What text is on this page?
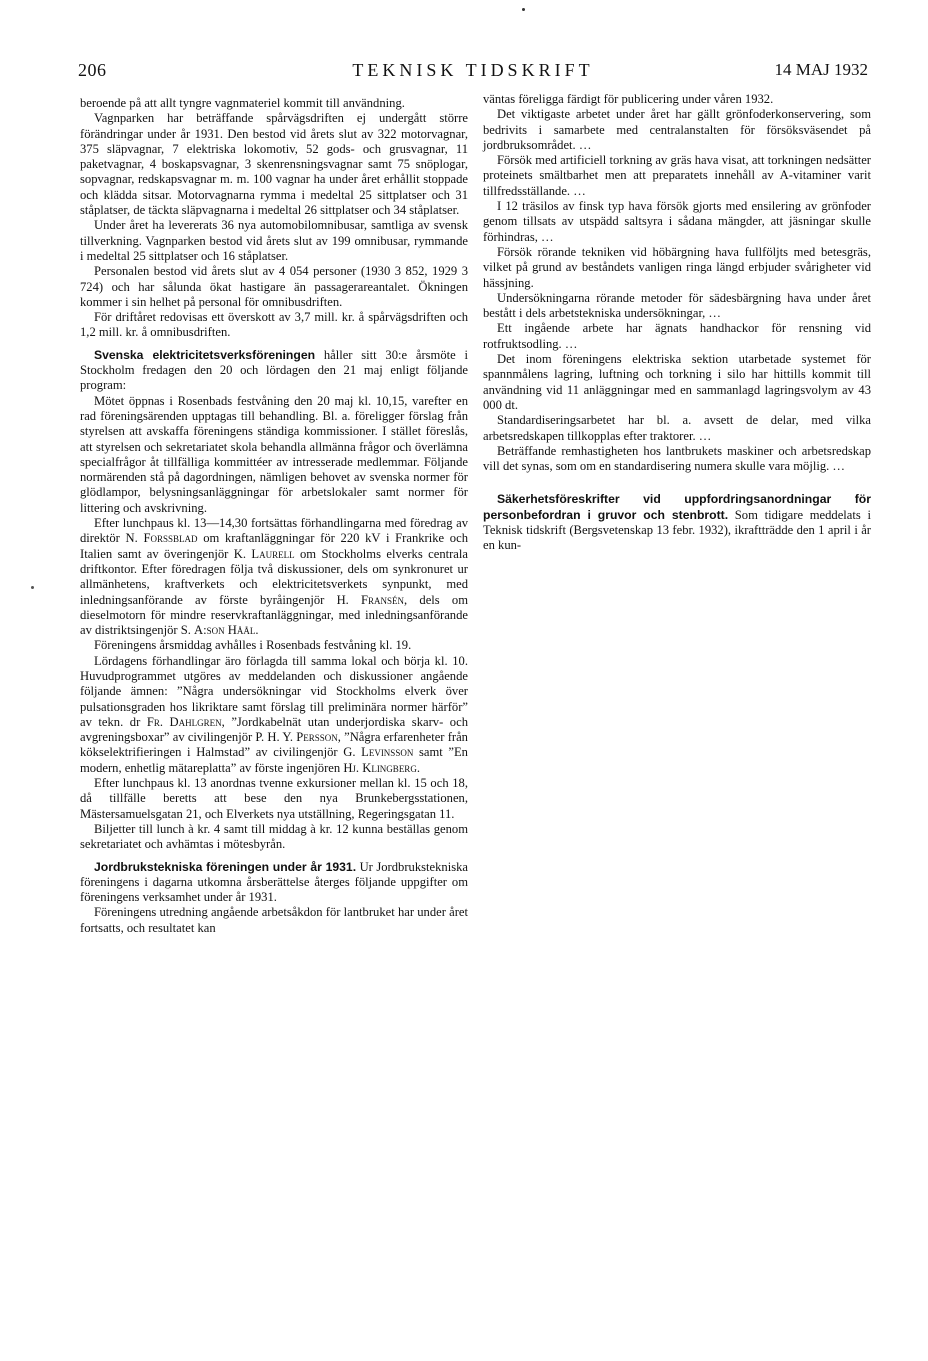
206	TEKNISK TIDSKRIFT	14 MAJ 1932

beroende på att allt tyngre vagnmateriel kommit till användning.

Vagnparken har beträffande spårvägsdriften ej undergått större förändringar under år 1931. Den bestod vid årets slut av 322 motorvagnar, 375 släpvagnar, 7 elektriska lokomotiv, 52 gods- och grusvagnar, 11 paketvagnar, 4 boskapsvagnar, 3 skenrensningsvagnar samt 75 snöplogar, sopvagnar, redskapsvagnar m. m. 100 vagnar ha under året erhållit stoppade och klädda sitsar. Motorvagnarna rymma i medeltal 25 sittplatser och 31 ståplatser, de täckta släpvagnarna i medeltal 26 sittplatser och 34 ståplatser.

Under året ha levererats 36 nya automobilomnibusar, samtliga av svensk tillverkning. Vagnparken bestod vid årets slut av 199 omnibusar, rymmande i medeltal 25 sittplatser och 16 ståplatser.

Personalen bestod vid årets slut av 4 054 personer (1930 3 852, 1929 3 724) och har sålunda ökat hastigare än passagerareantalet. Ökningen kommer i sin helhet på personal för omnibusdriften.

För driftåret redovisas ett överskott av 3,7 mill. kr. å spårvägsdriften och 1,2 mill. kr. å omnibusdriften.

Svenska elektricitetsverksföreningen håller sitt 30:e årsmöte i Stockholm fredagen den 20 och lördagen den 21 maj enligt följande program:

Mötet öppnas i Rosenbads festvåning den 20 maj kl. 10,15, varefter en rad föreningsärenden upptagas till behandling. Bl. a. föreligger förslag från styrelsen att avskaffa föreningens ständiga kommissioner. I stället föreslås, att styrelsen och sekretariatet skola behandla allmänna frågor och överlämna specialfrågor åt tillfälliga kommittéer av intresserade medlemmar. Följande normärenden stå på dagordningen, nämligen behovet av svenska normer för glödlampor, belysningsanläggningar för arbetslokaler samt normer för littering och avskrivning.

Efter lunchpaus kl. 13—14,30 fortsättas förhandlingarna med föredrag av direktör N. Forssblad om kraftanläggningar för 220 kV i Frankrike och Italien samt av överingenjör K. Laurell om Stockholms elverks centrala driftkontor. Efter föredragen följa två diskussioner, dels om synkronuret ur allmänhetens, kraftverkets och elektricitetsverkets synpunkt, med inledningsanförande av förste byråingenjör H. Fransén, dels om dieselmotorn för mindre reservkraftanläggningar, med inledningsanförande av distriktsingenjör S. A:son Håål.

Föreningens årsmiddag avhålles i Rosenbads festvåning kl. 19.

Lördagens förhandlingar äro förlagda till samma lokal och börja kl. 10. Huvudprogrammet utgöres av meddelanden och diskussioner angående följande ämnen: ”Några undersökningar vid Stockholms elverk över pulsationsgraden hos likriktare samt förslag till preliminära normer härför” av tekn. dr Fr. Dahlgren, ”Jordkabelnät utan underjordiska skarv- och avgreningsboxar” av civilingenjör P. H. Y. Persson, ”Några erfarenheter från kökselektrifieringen i Halmstad” av civilingenjör G. Levinsson samt ”En modern, enhetlig mätareplatta” av förste ingenjören Hj. Klingberg.

Efter lunchpaus kl. 13 anordnas tvenne exkursioner mellan kl. 15 och 18, då tillfälle beretts att bese den nya Brunkebergsstationen, Mästersamuelsgatan 21, och Elverkets nya utställning, Regeringsgatan 11.

Biljetter till lunch à kr. 4 samt till middag à kr. 12 kunna beställas genom sekretariatet och avhämtas i mötesbyrån.

Jordbrukstekniska föreningen under år 1931. Ur Jordbrukstekniska föreningens i dagarna utkomna årsberättelse återges följande uppgifter om föreningens verksamhet under år 1931.

Föreningens utredning angående arbetsåkdon för lantbruket har under året fortsatts, och resultatet kan

väntas föreligga färdigt för publicering under våren 1932.

Det viktigaste arbetet under året har gällt grönfoderkonservering, som bedrivits i samarbete med centralanstalten för försöksväsendet på jordbruksområdet. …

Försök med artificiell torkning av gräs hava visat, att torkningen nedsätter proteinets smältbarhet men att preparatets innehåll av A-vitaminer varit tillfredsställande. …

I 12 träsilos av finsk typ hava försök gjorts med ensilering av grönfoder genom tillsats av utspädd saltsyra i sådana mängder, att jäsningar skulle förhindras, …

Försök rörande tekniken vid höbärgning hava fullföljts med betesgräs, vilket på grund av beståndets vanligen ringa längd erbjuder svårigheter vid hässjning.

Undersökningarna rörande metoder för sädesbärgning hava under året bestått i dels arbetstekniska undersökningar, …

Ett ingående arbete har ägnats handhackor för rensning vid rotfruktsodling. …

Det inom föreningens elektriska sektion utarbetade systemet för spannmålens lagring, luftning och torkning i silo har hittills kommit till användning vid 11 anläggningar med en sammanlagd lagringsvolym av 43 000 dt.

Standardiseringsarbetet har bl. a. avsett de delar, med vilka arbetsredskapen tillkopplas efter traktorer. …

Beträffande remhastigheten hos lantbrukets maskiner och arbetsredskap vill det synas, som om en standardisering numera skulle vara möjlig. …

Säkerhetsföreskrifter vid uppfordringsanordningar för personbefordran i gruvor och stenbrott. Som tidigare meddelats i Teknisk tidskrift (Bergsvetenskap 13 febr. 1932), ikraftträdde den 1 april i år en kun-
